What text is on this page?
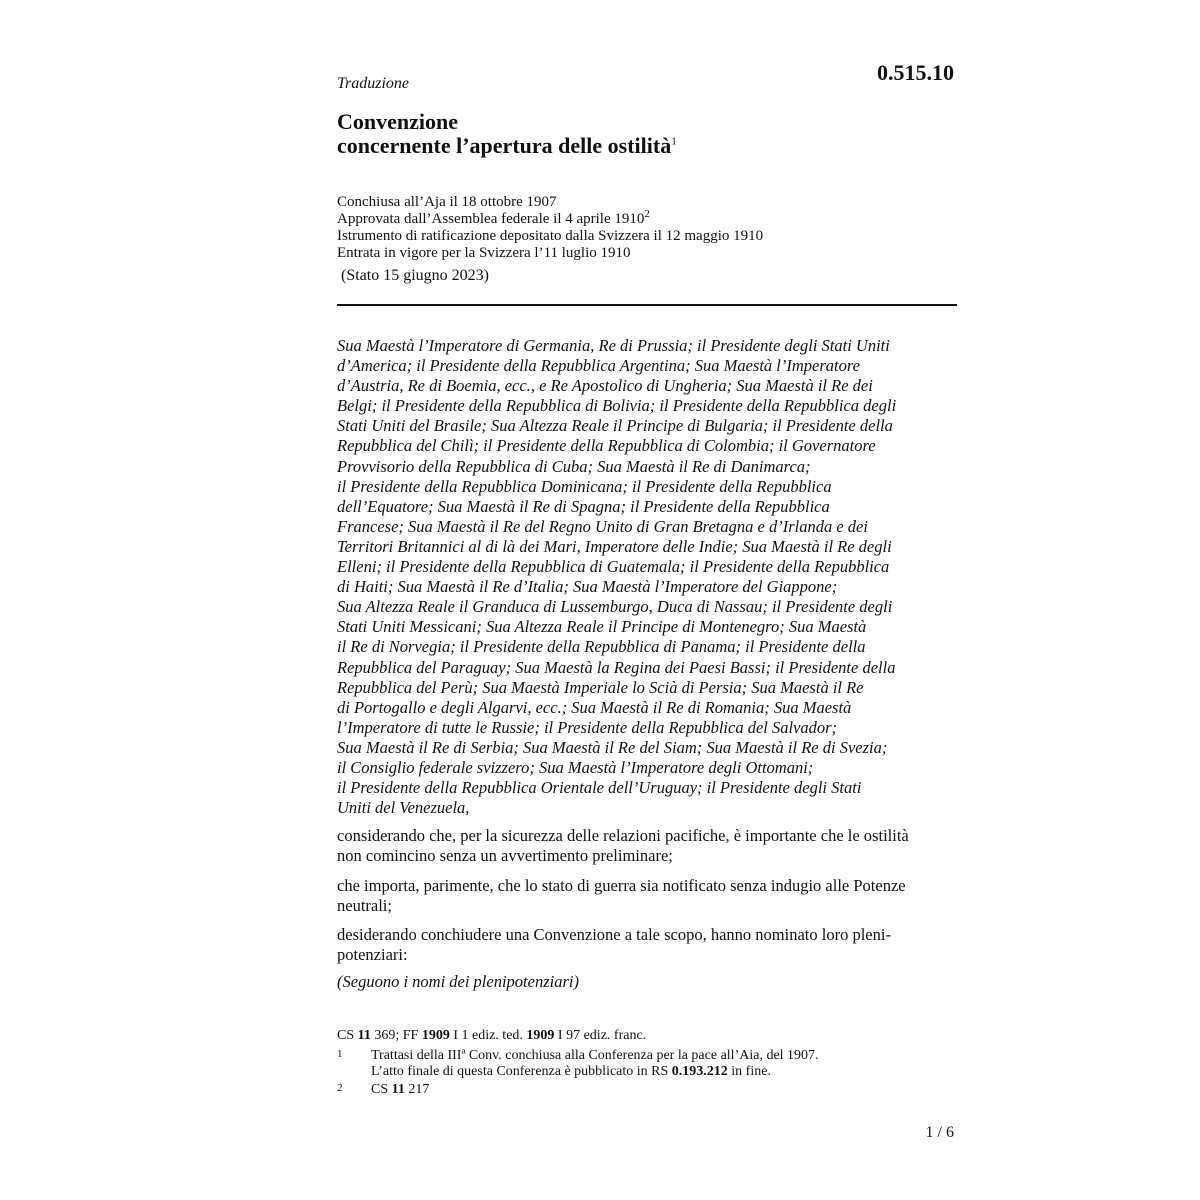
Traduzione	0.515.10
Convenzione
concernente l’apertura delle ostilità$^1$
Conchiusa all’Aja il 18 ottobre 1907
Approvata dall’Assemblea federale il 4 aprile 1910$^2$
Istrumento di ratificazione depositato dalla Svizzera il 12 maggio 1910
Entrata in vigore per la Svizzera l’11 luglio 1910
(Stato 15 giugno 2023)
Sua Maestà l’Imperatore di Germania, Re di Prussia; il Presidente degli Stati Uniti
d’America; il Presidente della Repubblica Argentina; Sua Maestà l’Imperatore
d’Austria, Re di Boemia, ecc., e Re Apostolico di Ungheria; Sua Maestà il Re dei
Belgi; il Presidente della Repubblica di Bolivia; il Presidente della Repubblica degli
Stati Uniti del Brasile; Sua Altezza Reale il Principe di Bulgaria; il Presidente della
Repubblica del Chilì; il Presidente della Repubblica di Colombia; il Governatore
Provvisorio della Repubblica di Cuba; Sua Maestà il Re di Danimarca;
il Presidente della Repubblica Dominicana; il Presidente della Repubblica
dell’Equatore; Sua Maestà il Re di Spagna; il Presidente della Repubblica
Francese; Sua Maestà il Re del Regno Unito di Gran Bretagna e d’Irlanda e dei
Territori Britannici al di là dei Mari, Imperatore delle Indie; Sua Maestà il Re degli
Elleni; il Presidente della Repubblica di Guatemala; il Presidente della Repubblica
di Haiti; Sua Maestà il Re d’Italia; Sua Maestà l’Imperatore del Giappone;
Sua Altezza Reale il Granduca di Lussemburgo, Duca di Nassau; il Presidente degli
Stati Uniti Messicani; Sua Altezza Reale il Principe di Montenegro; Sua Maestà
il Re di Norvegia; il Presidente della Repubblica di Panama; il Presidente della
Repubblica del Paraguay; Sua Maestà la Regina dei Paesi Bassi; il Presidente della
Repubblica del Perù; Sua Maestà Imperiale lo Scià di Persia; Sua Maestà il Re
di Portogallo e degli Algarvi, ecc.; Sua Maestà il Re di Romania; Sua Maestà
l’Imperatore di tutte le Russie; il Presidente della Repubblica del Salvador;
Sua Maestà il Re di Serbia; Sua Maestà il Re del Siam; Sua Maestà il Re di Svezia;
il Consiglio federale svizzero; Sua Maestà l’Imperatore degli Ottomani;
il Presidente della Repubblica Orientale dell’Uruguay; il Presidente degli Stati
Uniti del Venezuela,
considerando che, per la sicurezza delle relazioni pacifiche, è importante che le ostilità
non comincino senza un avvertimento preliminare;
che importa, parimente, che lo stato di guerra sia notificato senza indugio alle Potenze
neutrali;
desiderando conchiudere una Convenzione a tale scopo, hanno nominato loro pleni-
potenziari:
(Seguono i nomi dei plenipotenziari)
CS 11 369; FF 1909 I 1 ediz. ted. 1909 I 97 ediz. franc.
1 Trattasi della IIIª Conv. conchiusa alla Conferenza per la pace all’Aia, del 1907.
L’atto finale di questa Conferenza è pubblicato in RS 0.193.212 in fine.
2 CS 11 217
1 / 6
